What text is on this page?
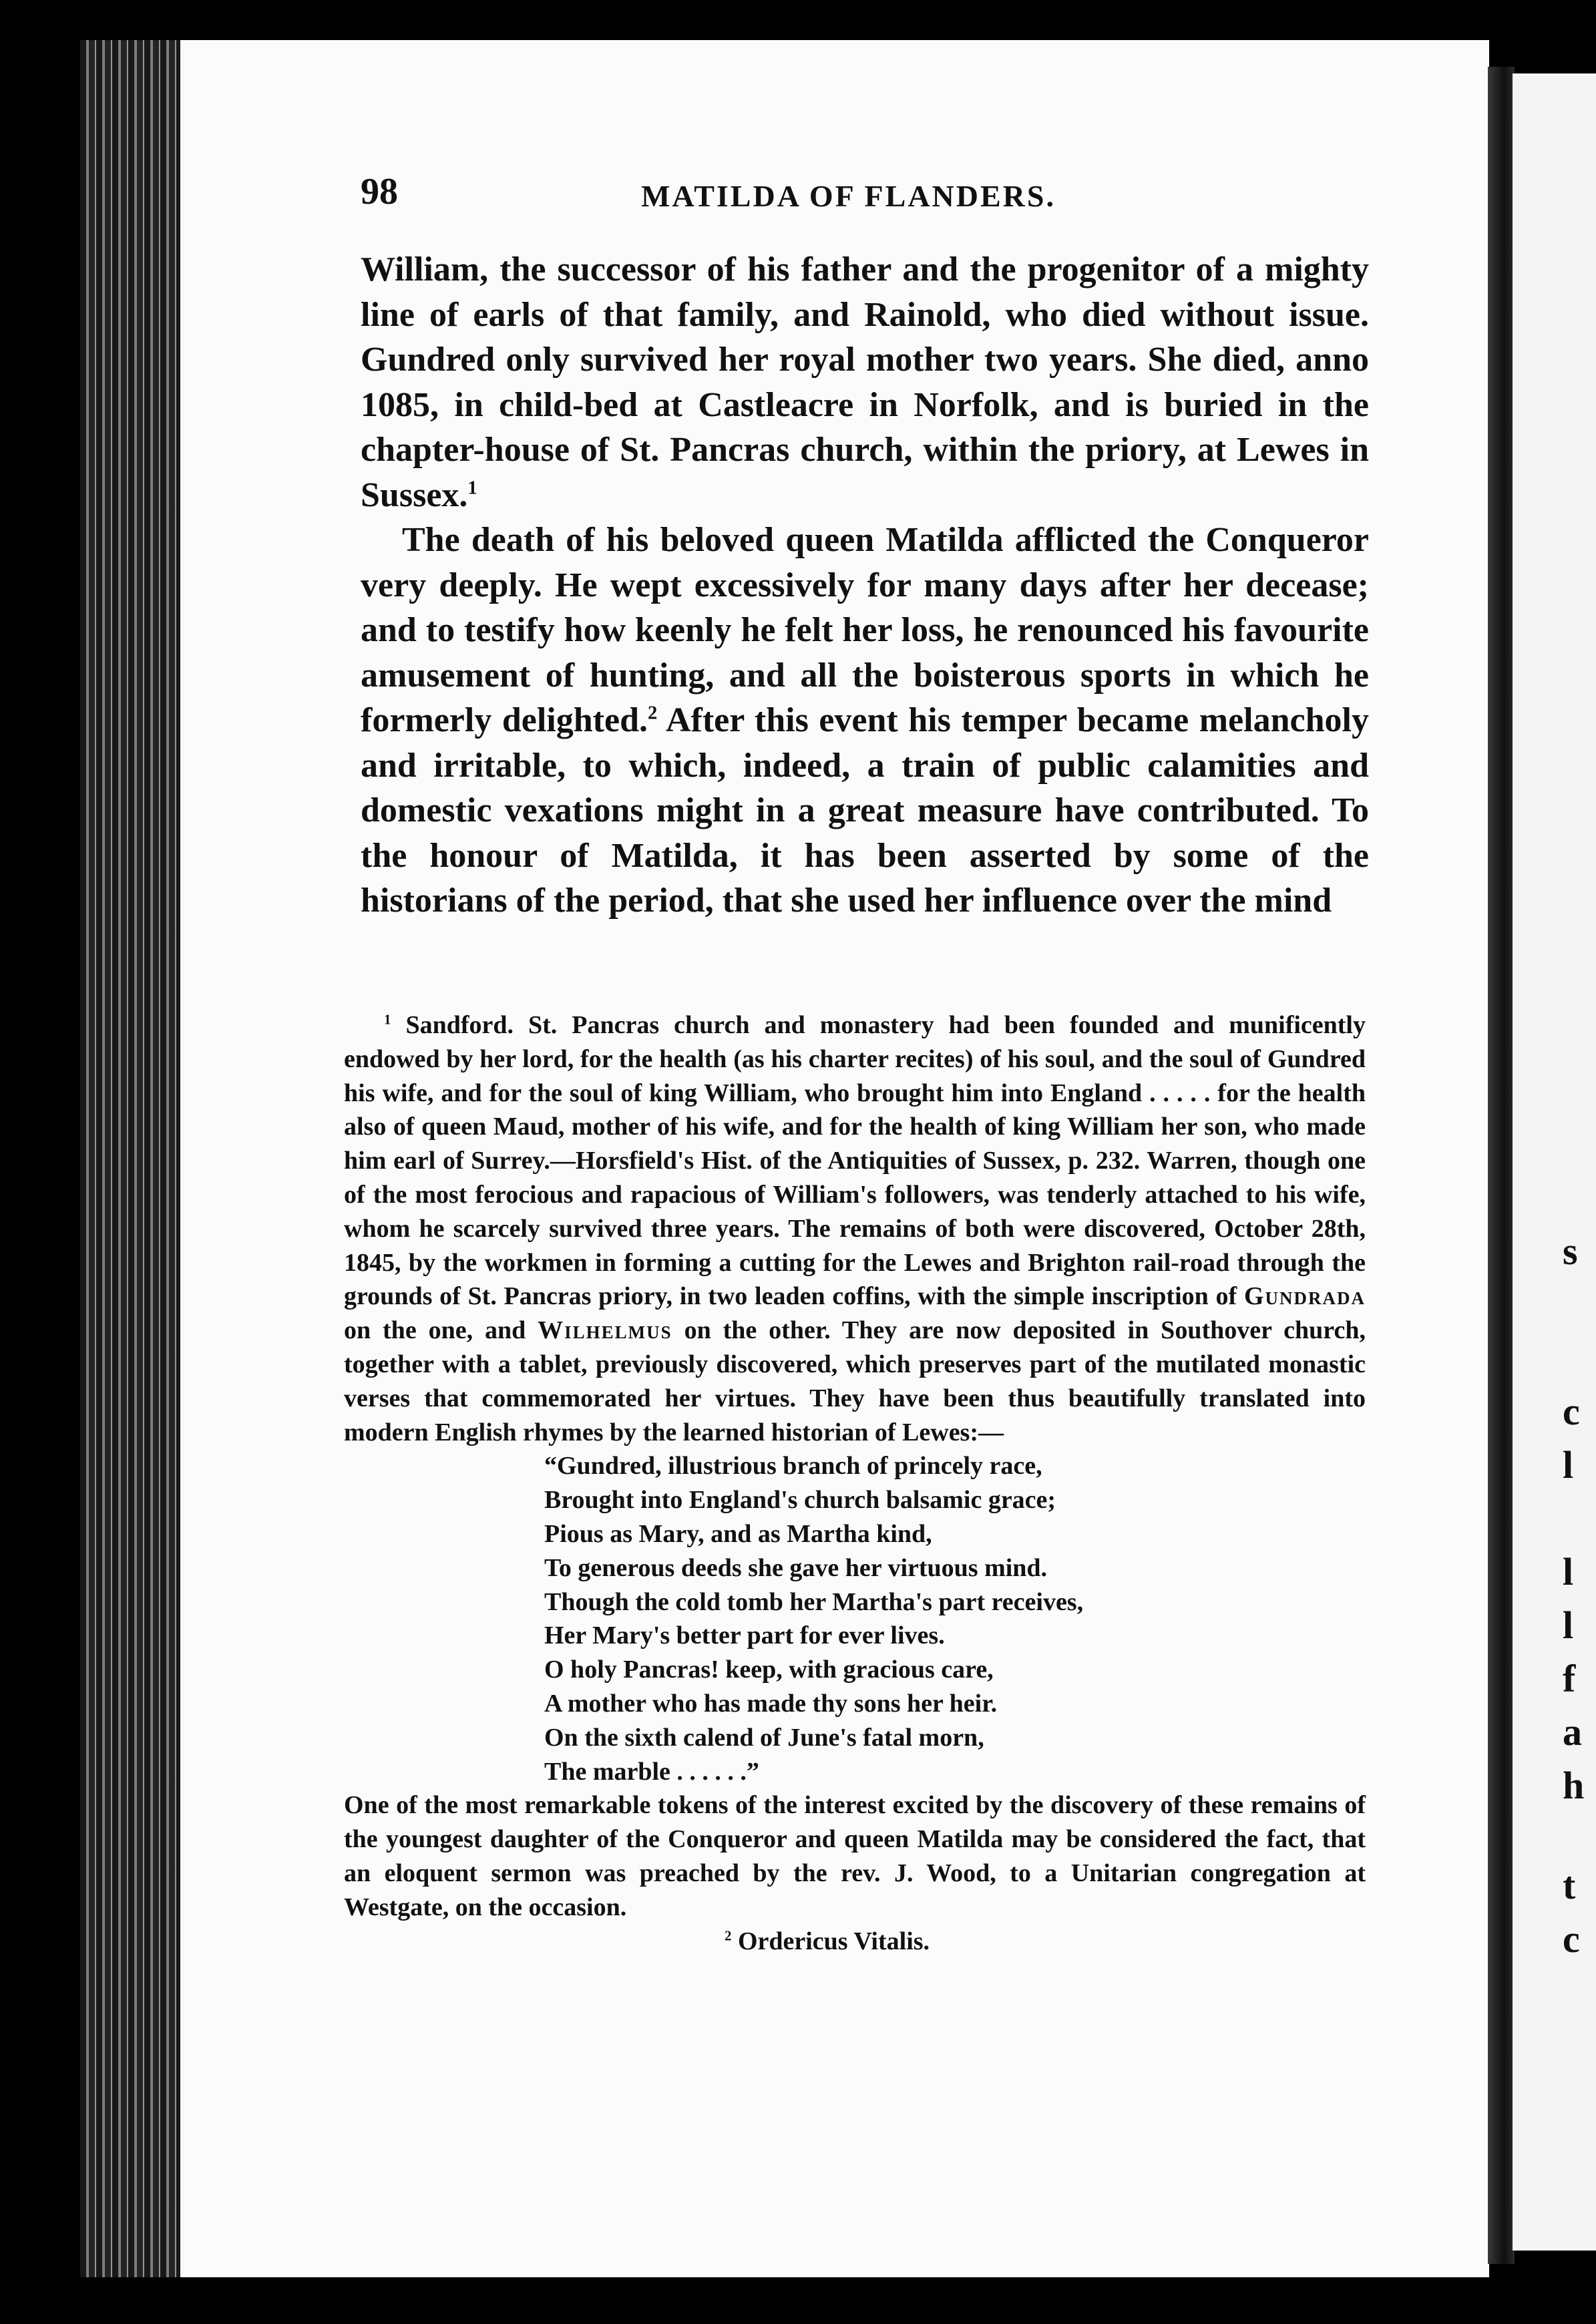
s
c
l
l
l
f
a
h
t
c
98	MATILDA OF FLANDERS.

William, the successor of his father and the progenitor of a mighty line of earls of that family, and Rainold, who died without issue. Gundred only survived her royal mother two years. She died, anno 1085, in child-bed at Castleacre in Norfolk, and is buried in the chapter-house of St. Pancras church, within the priory, at Lewes in Sussex.$^1$

The death of his beloved queen Matilda afflicted the Conqueror very deeply. He wept excessively for many days after her decease; and to testify how keenly he felt her loss, he renounced his favourite amusement of hunting, and all the boisterous sports in which he formerly delighted.$^2$ After this event his temper became melancholy and irritable, to which, indeed, a train of public calamities and domestic vexations might in a great measure have contributed. To the honour of Matilda, it has been asserted by some of the historians of the period, that she used her influence over the mind

$^1$ Sandford. St. Pancras church and monastery had been founded and munificently endowed by her lord, for the health (as his charter recites) of his soul, and the soul of Gundred his wife, and for the soul of king William, who brought him into England . . . . . for the health also of queen Maud, mother of his wife, and for the health of king William her son, who made him earl of Surrey.—Horsfield's Hist. of the Antiquities of Sussex, p. 232. Warren, though one of the most ferocious and rapacious of William's followers, was tenderly attached to his wife, whom he scarcely survived three years. The remains of both were discovered, October 28th, 1845, by the workmen in forming a cutting for the Lewes and Brighton rail-road through the grounds of St. Pancras priory, in two leaden coffins, with the simple inscription of Gundrada on the one, and Wilhelmus on the other. They are now deposited in Southover church, together with a tablet, previously discovered, which preserves part of the mutilated monastic verses that commemorated her virtues. They have been thus beautifully translated into modern English rhymes by the learned historian of Lewes:—

“Gundred, illustrious branch of princely race,
Brought into England's church balsamic grace;
Pious as Mary, and as Martha kind,
To generous deeds she gave her virtuous mind.
Though the cold tomb her Martha's part receives,
Her Mary's better part for ever lives.
O holy Pancras! keep, with gracious care,
A mother who has made thy sons her heir.
On the sixth calend of June's fatal morn,
The marble . . . . . .”

One of the most remarkable tokens of the interest excited by the discovery of these remains of the youngest daughter of the Conqueror and queen Matilda may be considered the fact, that an eloquent sermon was preached by the rev. J. Wood, to a Unitarian congregation at Westgate, on the occasion.

$^2$ Ordericus Vitalis.
